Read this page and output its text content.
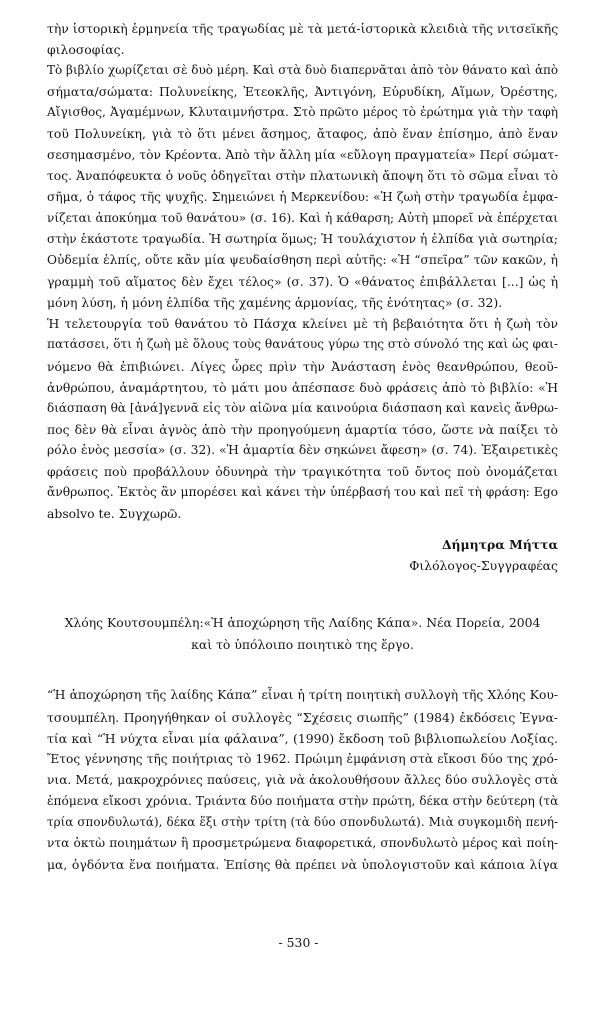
τὴν ἱστορικὴ ἑρμηνεία τῆς τραγωδίας μὲ τὰ μετά-ἱστορικὰ κλειδιὰ τῆς νιτσεϊκῆς
φιλοσοφίας.
Τὸ βιβλίο χωρίζεται σὲ δυὸ μέρη. Καὶ στὰ δυὸ διαπερνᾶται ἀπὸ τὸν θάνατο καὶ ἀπὸ
σήματα/σώματα: Πολυνείκης, Ἐτεοκλῆς, Ἀντιγόνη, Εὐρυδίκη, Αἵμων, Ὀρέστης,
Αἴγισθος, Ἀγαμέμνων, Κλυταιμνήστρα. Στὸ πρῶτο μέρος τὸ ἐρώτημα γιὰ τὴν ταφὴ
τοῦ Πολυνείκη, γιὰ τὸ ὅτι μένει ἄσημος, ἄταφος, ἀπὸ ἕναν ἐπίσημο, ἀπὸ ἕναν
σεσημασμένο, τὸν Κρέοντα. Ἀπὸ τὴν ἄλλη μία «εὔλογη πραγματεία» Περί σώματ-
τος. Ἀναπόφευκτα ὁ νοῦς ὁδηγεῖται στὴν πλατωνικὴ ἄποψη ὅτι τὸ σῶμα εἶναι τὸ
σῆμα, ὁ τάφος τῆς ψυχῆς. Σημειώνει ἡ Μερκενίδου: «Ἡ ζωὴ στὴν τραγωδία ἐμφα-
νίζεται ἀποκύημα τοῦ θανάτου» (σ. 16). Καὶ ἡ κάθαρση; Αὐτὴ μπορεῖ νὰ ἐπέρχεται
στὴν ἑκάστοτε τραγωδία. Ἡ σωτηρία ὅμως; Ἡ τουλάχιστον ἡ ἐλπίδα γιὰ σωτηρία;
Οὐδεμία ἐλπίς, οὔτε κἂν μία ψευδαίσθηση περὶ αὐτῆς: «Ἡ “σπεῖρα” τῶν κακῶν, ἡ
γραμμὴ τοῦ αἵματος δὲν ἔχει τέλος» (σ. 37). Ὁ «θάνατος ἐπιβάλλεται [...] ὡς ἡ
μόνη λύση, ἡ μόνη ἐλπίδα τῆς χαμένης ἁρμονίας, τῆς ἑνότητας» (σ. 32).
Ἡ τελετουργία τοῦ θανάτου τὸ Πάσχα κλείνει μὲ τὴ βεβαιότητα ὅτι ἡ ζωὴ τὸν
πατάσσει, ὅτι ἡ ζωὴ μὲ ὅλους τοὺς θανάτους γύρω της στὸ σύνολό της καὶ ὡς φαι-
νόμενο θὰ ἐπιβιώνει. Λίγες ὧρες πρὶν τὴν Ἀνάσταση ἑνὸς θεανθρώπου, θεοῦ-
ἀνθρώπου, ἀναμάρτητου, τὸ μάτι μου ἀπέσπασε δυὸ φράσεις ἀπὸ τὸ βιβλίο: «Ἡ
διάσπαση θὰ [ἀνά]γεννᾶ εἰς τὸν αἰῶνα μία καινούρια διάσπαση καὶ κανεὶς ἄνθρω-
πος δὲν θὰ εἶναι ἀγνὸς ἀπὸ τὴν προηγούμενη ἁμαρτία τόσο, ὥστε νὰ παίξει τὸ
ρόλο ἑνὸς μεσσία» (σ. 32). «Ἡ ἁμαρτία δὲν σηκώνει ἄφεση» (σ. 74). Ἐξαιρετικὲς
φράσεις ποὺ προβάλλουν ὀδυνηρὰ τὴν τραγικότητα τοῦ ὄντος ποὺ ὀνομάζεται
ἄνθρωπος. Ἐκτὸς ἂν μπορέσει καὶ κάνει τὴν ὑπέρβασή του καὶ πεῖ τὴ φράση: Ego
absolvo te. Συγχωρῶ.
Δήμητρα Μήττα
Φιλόλογος-Συγγραφέας
Χλόης Κουτσουμπέλη:«Ἡ ἀποχώρηση τῆς Λαίδης Κάπα». Νέα Πορεία, 2004
καὶ τὸ ὑπόλοιπο ποιητικὸ της ἔργο.
“Ἡ ἀποχώρηση τῆς λαίδης Κάπα” εἶναι ἡ τρίτη ποιητικὴ συλλογὴ τῆς Χλόης Κου-
τσουμπέλη. Προηγήθηκαν οἱ συλλογὲς “Σχέσεις σιωπῆς” (1984) ἐκδόσεις Ἐγνα-
τία καὶ “Ἡ νύχτα εἶναι μία φάλαινα”, (1990) ἔκδοση τοῦ βιβλιοπωλείου Λοξίας.
Ἔτος γέννησης τῆς ποιήτριας τὸ 1962. Πρώιμη ἐμφάνιση στὰ εἴκοσι δύο της χρό-
νια. Μετά, μακροχρόνιες παύσεις, γιὰ νὰ ἀκολουθήσουν ἄλλες δύο συλλογὲς στὰ
ἑπόμενα εἴκοσι χρόνια. Τριάντα δύο ποιήματα στὴν πρώτη, δέκα στὴν δεύτερη (τὰ
τρία σπονδυλωτά), δέκα ἕξι στὴν τρίτη (τὰ δύο σπονδυλωτά). Μιὰ συγκομιδὴ πενή-
ντα ὀκτὼ ποιημάτων ἢ προσμετρώμενα διαφορετικά, σπονδυλωτὸ μέρος καὶ ποίη-
μα, ὀγδόντα ἕνα ποιήματα. Ἐπίσης θὰ πρέπει νὰ ὑπολογιστοῦν καὶ κάποια λίγα
- 530 -
